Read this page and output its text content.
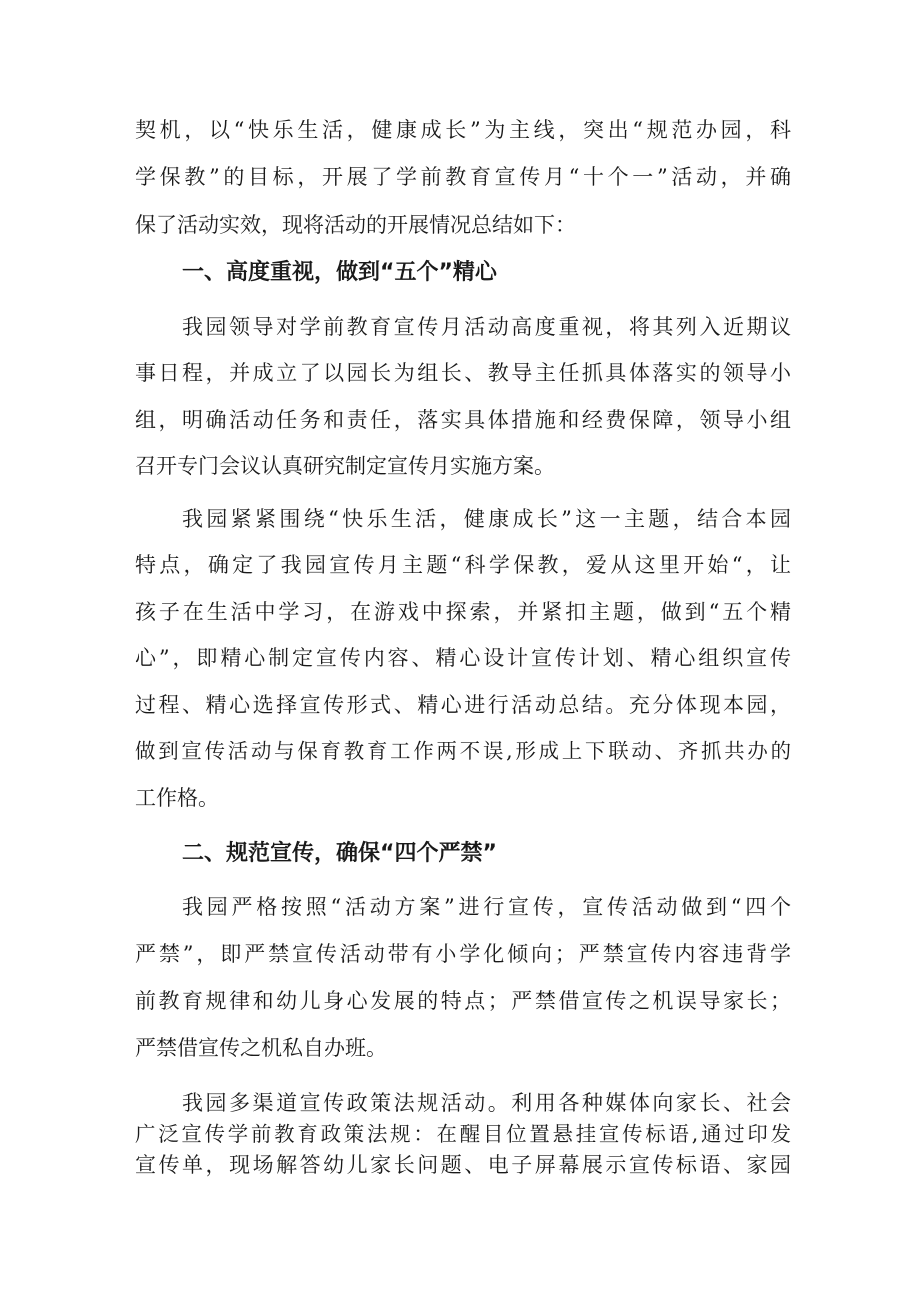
契机，以“快乐生活，健康成长”为主线，突出“规范办园，科
学保教”的目标，开展了学前教育宣传月“十个一”活动，并确
保了活动实效，现将活动的开展情况总结如下：
一、高度重视，做到“五个”精心
我园领导对学前教育宣传月活动高度重视，将其列入近期议
事日程，并成立了以园长为组长、教导主任抓具体落实的领导小
组，明确活动任务和责任，落实具体措施和经费保障，领导小组
召开专门会议认真研究制定宣传月实施方案。
我园紧紧围绕“快乐生活，健康成长”这一主题，结合本园
特点，确定了我园宣传月主题“科学保教，爱从这里开始“，让
孩子在生活中学习，在游戏中探索，并紧扣主题，做到“五个精
心”，即精心制定宣传内容、精心设计宣传计划、精心组织宣传
过程、精心选择宣传形式、精心进行活动总结。充分体现本园，
做到宣传活动与保育教育工作两不误,形成上下联动、齐抓共办的
工作格。
二、规范宣传，确保“四个严禁”
我园严格按照“活动方案”进行宣传，宣传活动做到“四个
严禁”，即严禁宣传活动带有小学化倾向；严禁宣传内容违背学
前教育规律和幼儿身心发展的特点；严禁借宣传之机误导家长；
严禁借宣传之机私自办班。
我园多渠道宣传政策法规活动。利用各种媒体向家长、社会
广泛宣传学前教育政策法规：在醒目位置悬挂宣传标语,通过印发
宣传单，现场解答幼儿家长问题、电子屏幕展示宣传标语、家园
